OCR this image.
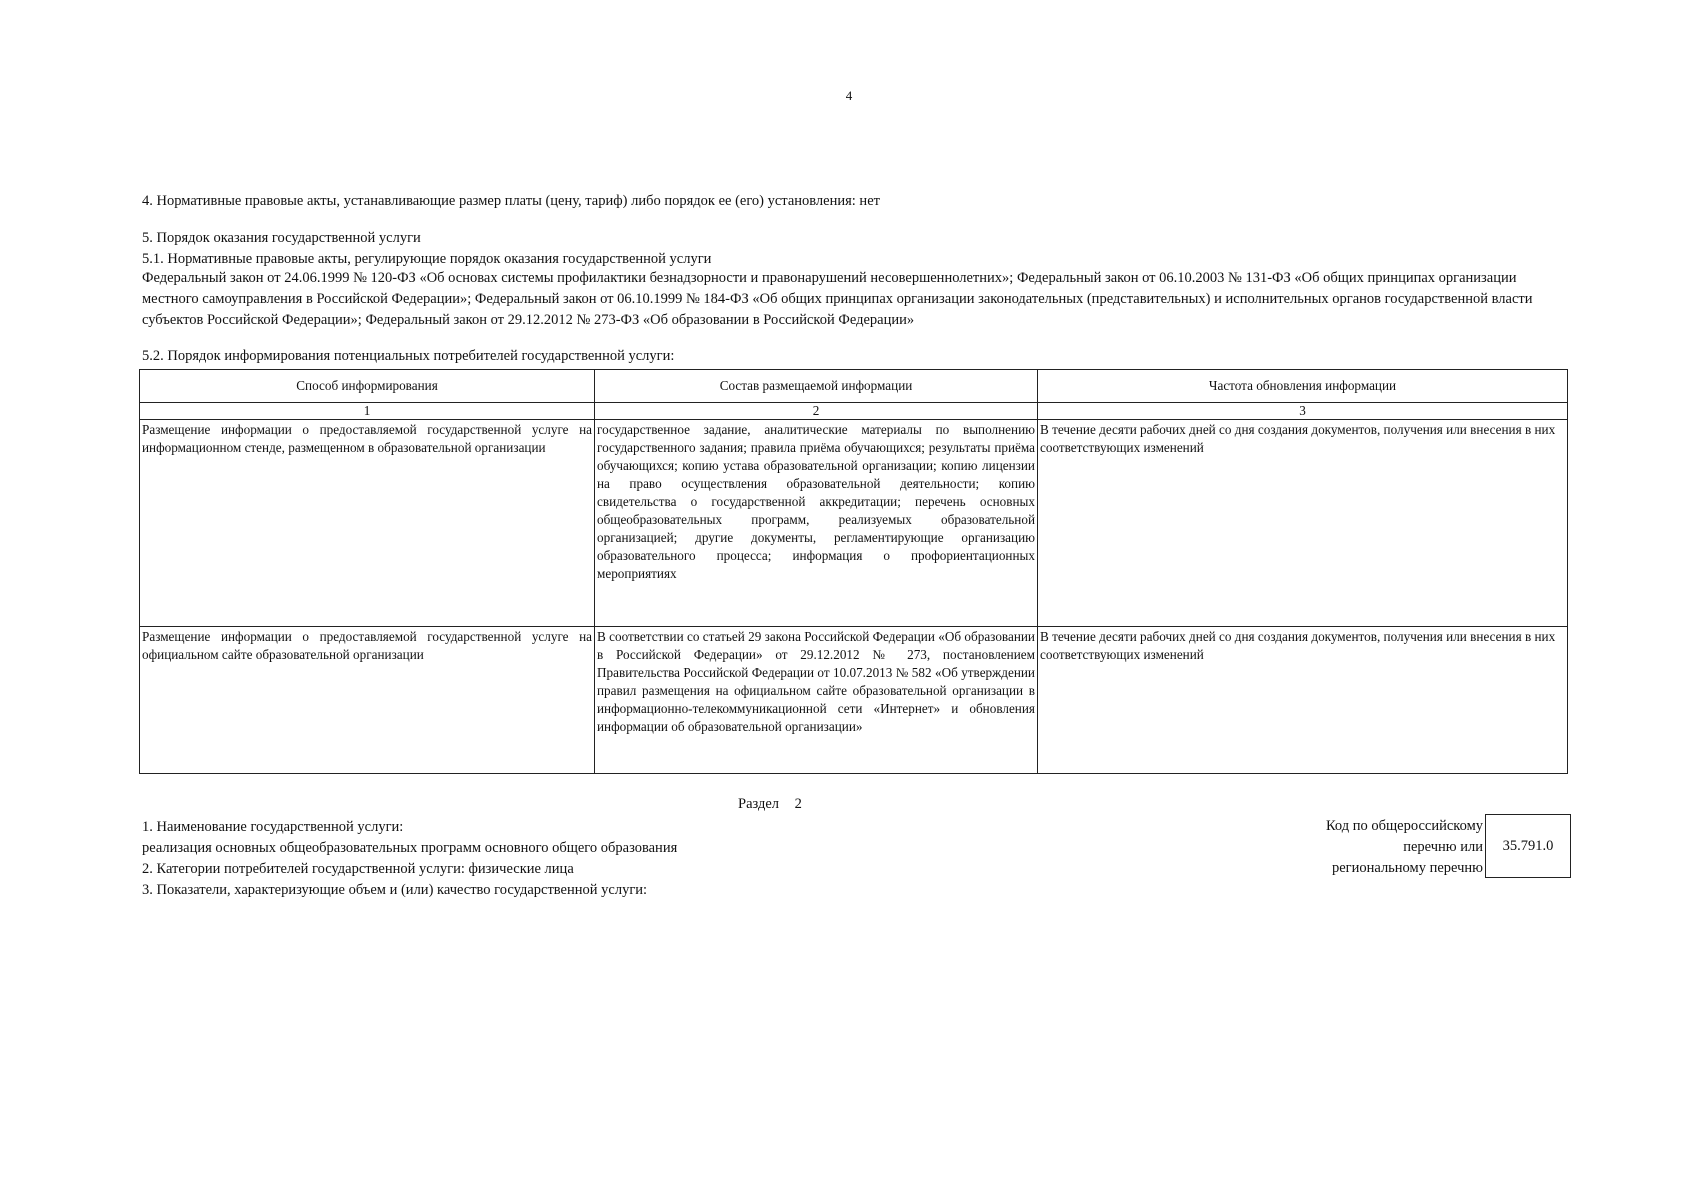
4
4. Нормативные правовые акты, устанавливающие размер платы (цену, тариф) либо порядок ее (его) установления: нет
5. Порядок оказания государственной услуги
5.1. Нормативные правовые акты, регулирующие порядок оказания государственной услуги
Федеральный закон от 24.06.1999 № 120-ФЗ «Об основах системы профилактики безнадзорности и правонарушений несовершеннолетних»; Федеральный закон от 06.10.2003 № 131-ФЗ «Об общих принципах организации местного самоуправления в Российской Федерации»; Федеральный закон от 06.10.1999 № 184-ФЗ «Об общих принципах организации законодательных (представительных) и исполнительных органов государственной власти субъектов Российской Федерации»; Федеральный закон от 29.12.2012 № 273-ФЗ «Об образовании в Российской Федерации»
5.2. Порядок информирования потенциальных потребителей государственной услуги:
Способ информирования	Состав размещаемой информации	Частота обновления информации
1	2	3
Размещение информации о предоставляемой государственной услуге на информационном стенде, размещенном в образовательной организации	государственное задание, аналитические материалы по выполнению государственного задания; правила приёма обучающихся; результаты приёма обучающихся; копию устава образовательной организации; копию лицензии на право осуществления образовательной деятельности; копию свидетельства о государственной аккредитации; перечень основных общеобразовательных программ, реализуемых образовательной организацией; другие документы, регламентирующие организацию образовательного процесса; информация о профориентационных мероприятиях	В течение десяти рабочих дней со дня создания документов, получения или внесения в них соответствующих изменений
Размещение информации о предоставляемой государственной услуге на официальном сайте образовательной организации	В соответствии со статьей 29 закона Российской Федерации «Об образовании в Российской Федерации» от 29.12.2012 № 273, постановлением Правительства Российской Федерации от 10.07.2013 № 582 «Об утверждении правил размещения на официальном сайте образовательной организации в информационно-телекоммуникационной сети «Интернет» и обновления информации об образовательной организации»	В течение десяти рабочих дней со дня создания документов, получения или внесения в них соответствующих изменений
Раздел 2
1. Наименование государственной услуги:
реализация основных общеобразовательных программ основного общего образования
2. Категории потребителей государственной услуги: физические лица
3. Показатели, характеризующие объем и (или) качество государственной услуги:
Код по общероссийскому
перечню или
региональному перечню
35.791.0
